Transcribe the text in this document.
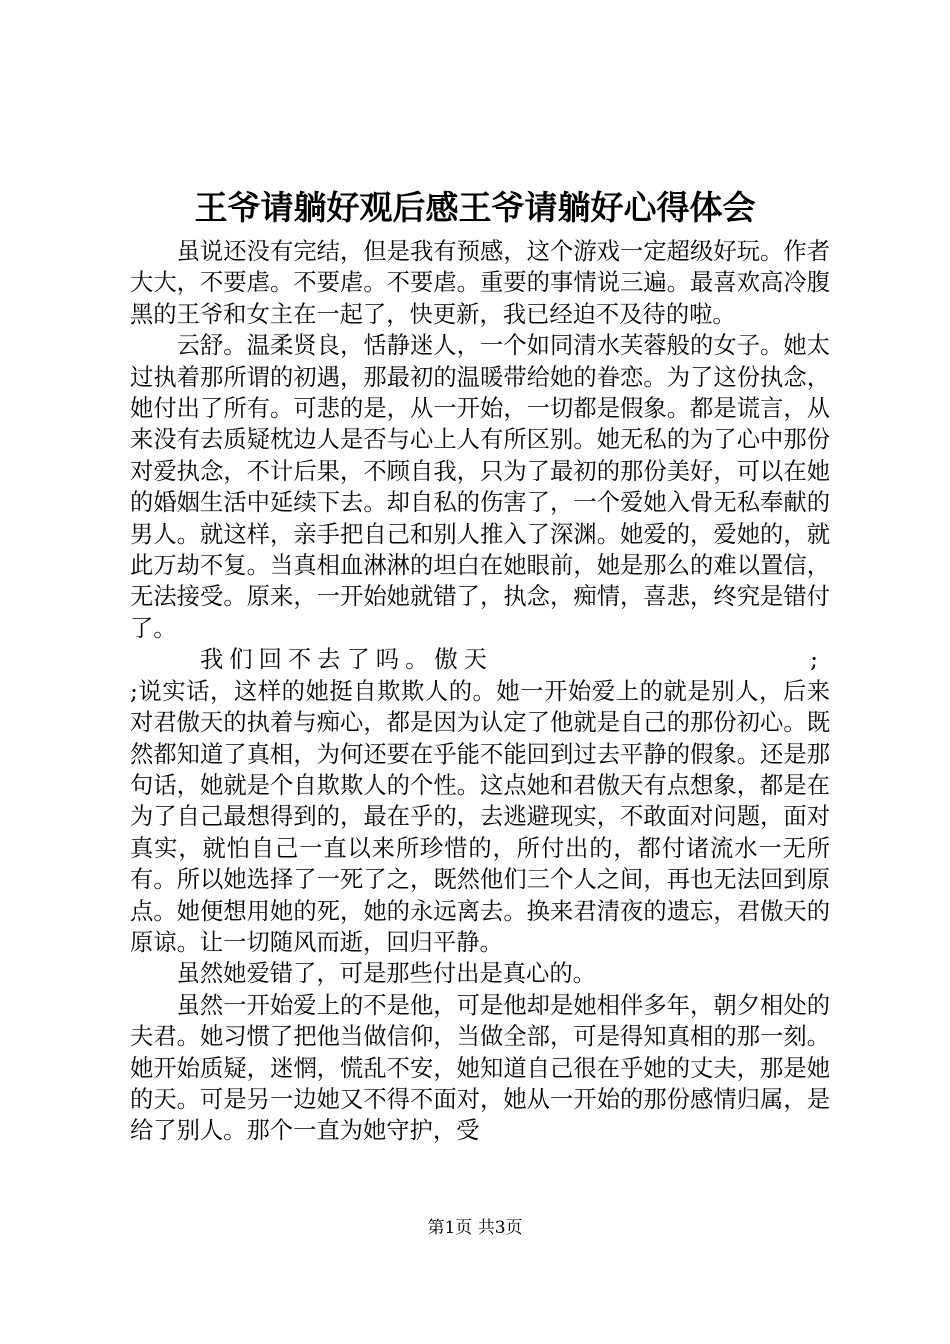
王爷请躺好观后感王爷请躺好心得体会

虽说还没有完结，但是我有预感，这个游戏一定超级好玩。作者大大，不要虐。不要虐。不要虐。重要的事情说三遍。最喜欢高冷腹黑的王爷和女主在一起了，快更新，我已经迫不及待的啦。

云舒。温柔贤良，恬静迷人，一个如同清水芙蓉般的女子。她太过执着那所谓的初遇，那最初的温暖带给她的眷恋。为了这份执念，她付出了所有。可悲的是，从一开始，一切都是假象。都是谎言，从来没有去质疑枕边人是否与心上人有所区别。她无私的为了心中那份对爱执念，不计后果，不顾自我，只为了最初的那份美好，可以在她的婚姻生活中延续下去。却自私的伤害了，一个爱她入骨无私奉献的男人。就这样，亲手把自己和别人推入了深渊。她爱的，爱她的，就此万劫不复。当真相血淋淋的坦白在她眼前，她是那么的难以置信，无法接受。原来，一开始她就错了，执念，痴情，喜悲，终究是错付了。

我们回不去了吗。傲天	;

;说实话，这样的她挺自欺欺人的。她一开始爱上的就是别人，后来对君傲天的执着与痴心，都是因为认定了他就是自己的那份初心。既然都知道了真相，为何还要在乎能不能回到过去平静的假象。还是那句话，她就是个自欺欺人的个性。这点她和君傲天有点想象，都是在为了自己最想得到的，最在乎的，去逃避现实，不敢面对问题，面对真实，就怕自己一直以来所珍惜的，所付出的，都付诸流水一无所有。所以她选择了一死了之，既然他们三个人之间，再也无法回到原点。她便想用她的死，她的永远离去。换来君清夜的遗忘，君傲天的原谅。让一切随风而逝，回归平静。

虽然她爱错了，可是那些付出是真心的。

虽然一开始爱上的不是他，可是他却是她相伴多年，朝夕相处的夫君。她习惯了把他当做信仰，当做全部，可是得知真相的那一刻。她开始质疑，迷惘，慌乱不安，她知道自己很在乎她的丈夫，那是她的天。可是另一边她又不得不面对，她从一开始的那份感情归属，是给了别人。那个一直为她守护，受

第1页 共3页
